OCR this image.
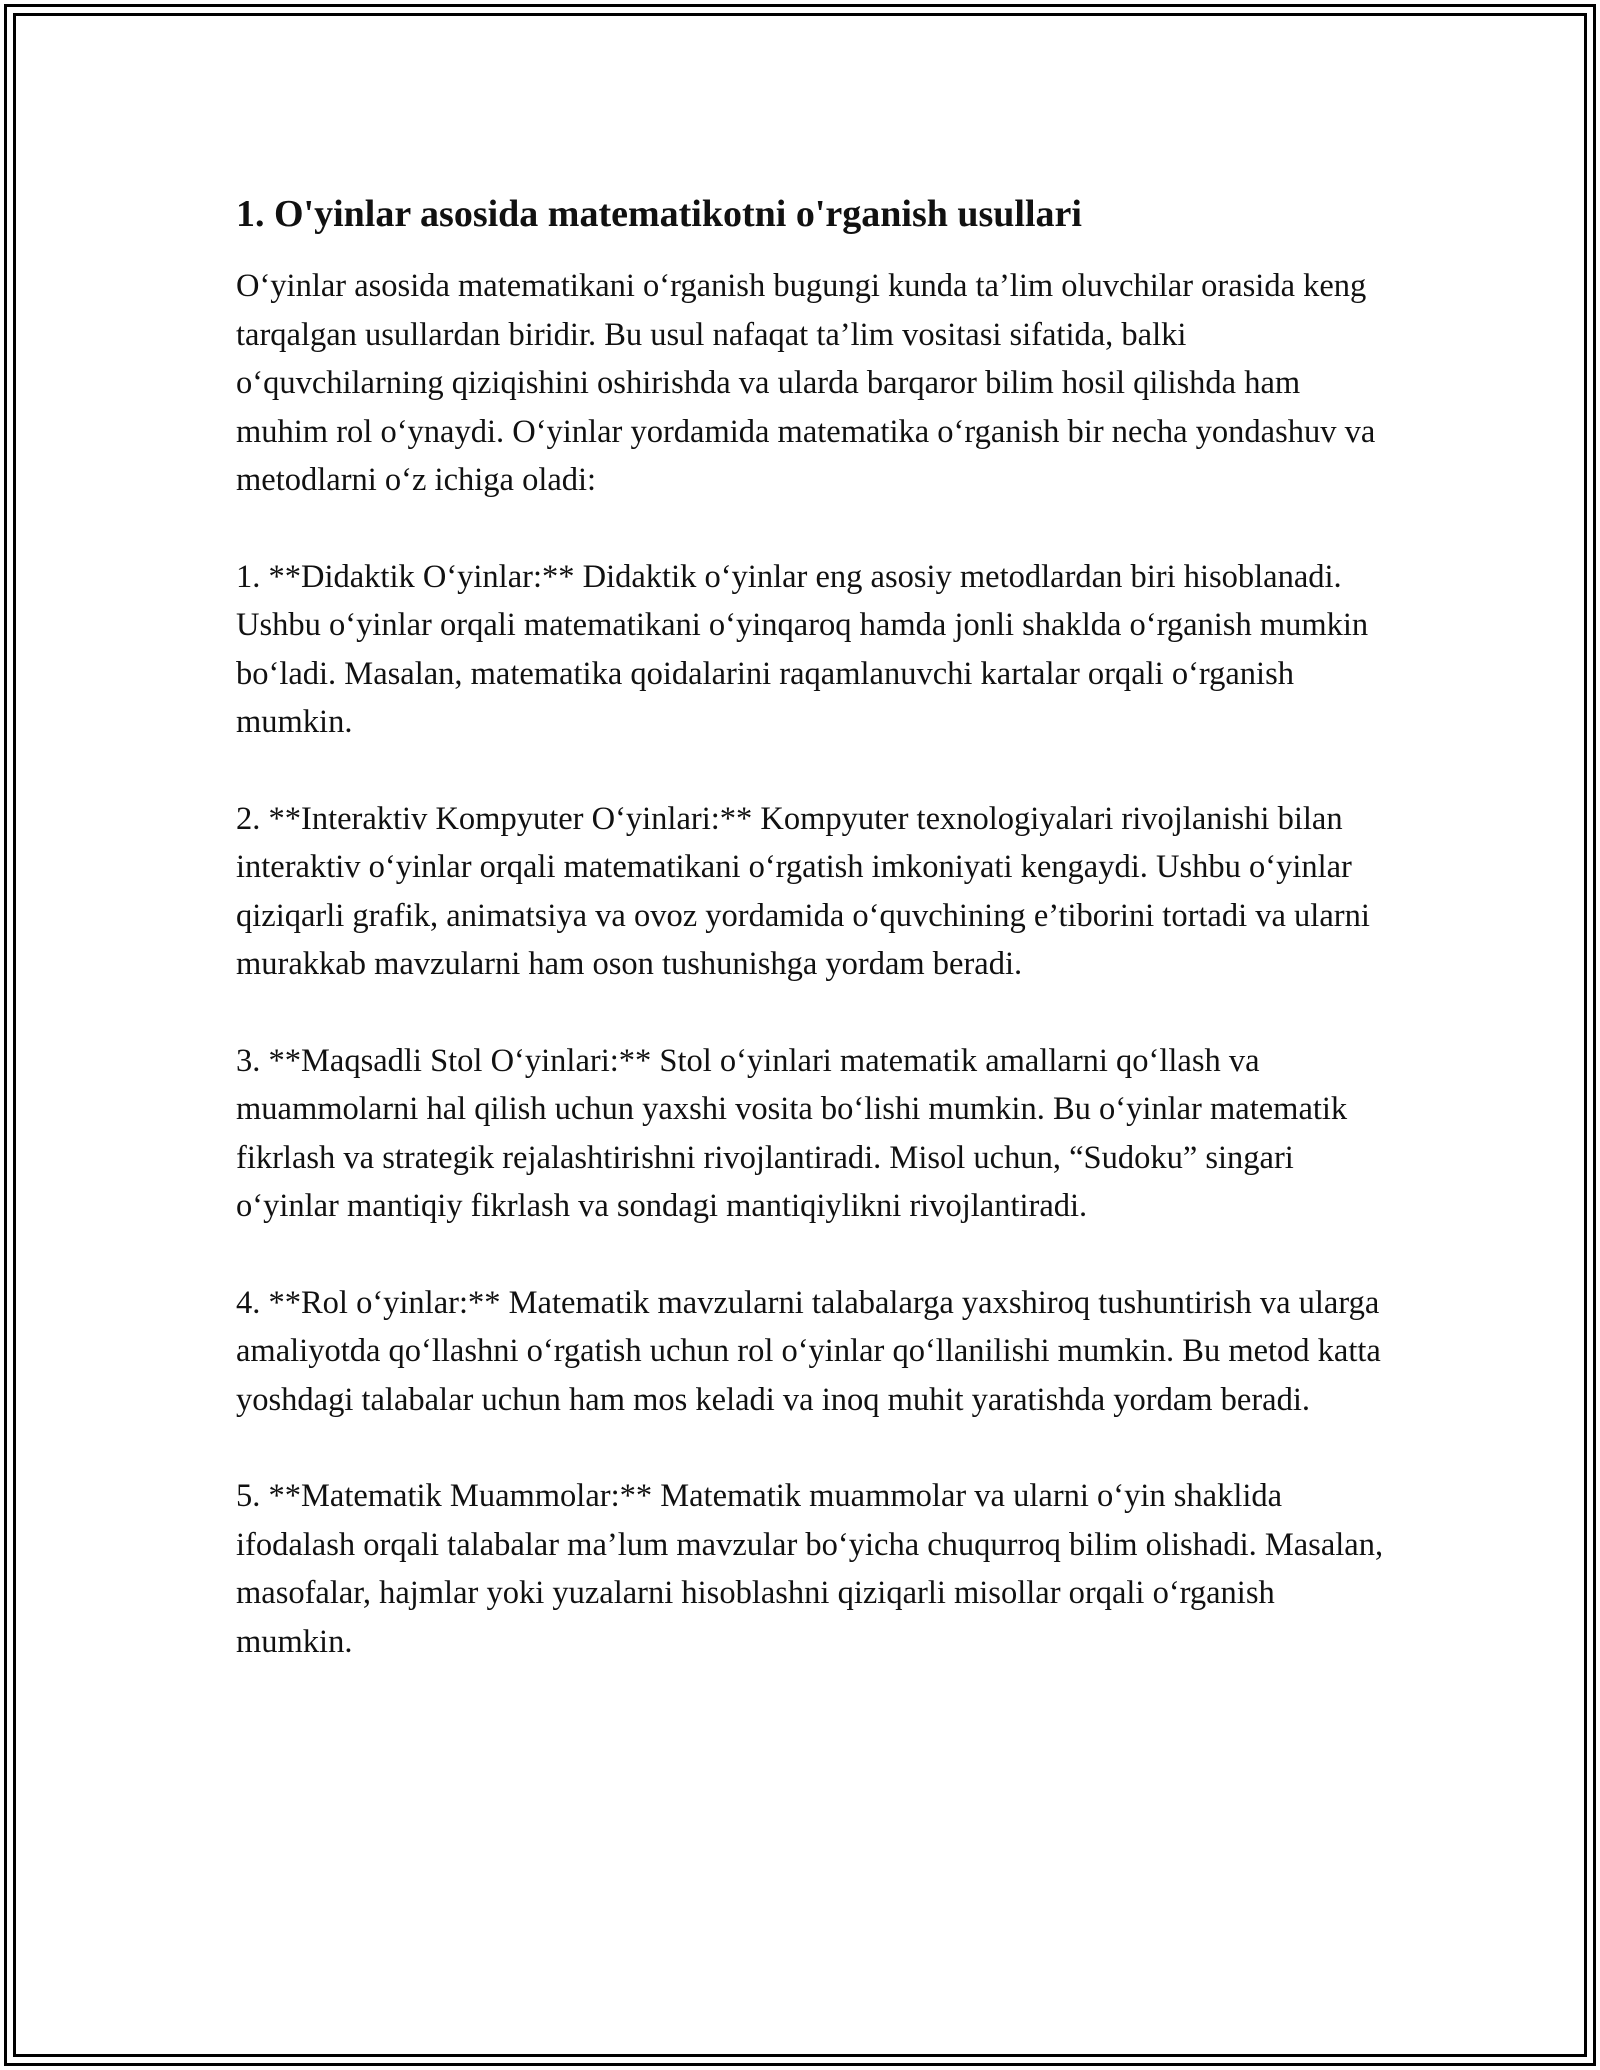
1. O'yinlar asosida matematikotni o'rganish usullari

O‘yinlar asosida matematikani o‘rganish bugungi kunda ta’lim oluvchilar orasida keng tarqalgan usullardan biridir. Bu usul nafaqat ta’lim vositasi sifatida, balki o‘quvchilarning qiziqishini oshirishda va ularda barqaror bilim hosil qilishda ham muhim rol o‘ynaydi. O‘yinlar yordamida matematika o‘rganish bir necha yondashuv va metodlarni o‘z ichiga oladi:

1. **Didaktik O‘yinlar:** Didaktik o‘yinlar eng asosiy metodlardan biri hisoblanadi. Ushbu o‘yinlar orqali matematikani o‘yinqaroq hamda jonli shaklda o‘rganish mumkin bo‘ladi. Masalan, matematika qoidalarini raqamlanuvchi kartalar orqali o‘rganish mumkin.

2. **Interaktiv Kompyuter O‘yinlari:** Kompyuter texnologiyalari rivojlanishi bilan interaktiv o‘yinlar orqali matematikani o‘rgatish imkoniyati kengaydi. Ushbu o‘yinlar qiziqarli grafik, animatsiya va ovoz yordamida o‘quvchining e’tiborini tortadi va ularni murakkab mavzularni ham oson tushunishga yordam beradi.

3. **Maqsadli Stol O‘yinlari:** Stol o‘yinlari matematik amallarni qo‘llash va muammolarni hal qilish uchun yaxshi vosita bo‘lishi mumkin. Bu o‘yinlar matematik fikrlash va strategik rejalashtirishni rivojlantiradi. Misol uchun, “Sudoku” singari o‘yinlar mantiqiy fikrlash va sondagi mantiqiylikni rivojlantiradi.

4. **Rol o‘yinlar:** Matematik mavzularni talabalarga yaxshiroq tushuntirish va ularga amaliyotda qo‘llashni o‘rgatish uchun rol o‘yinlar qo‘llanilishi mumkin. Bu metod katta yoshdagi talabalar uchun ham mos keladi va inoq muhit yaratishda yordam beradi.

5. **Matematik Muammolar:** Matematik muammolar va ularni o‘yin shaklida ifodalash orqali talabalar ma’lum mavzular bo‘yicha chuqurroq bilim olishadi. Masalan, masofalar, hajmlar yoki yuzalarni hisoblashni qiziqarli misollar orqali o‘rganish mumkin.
